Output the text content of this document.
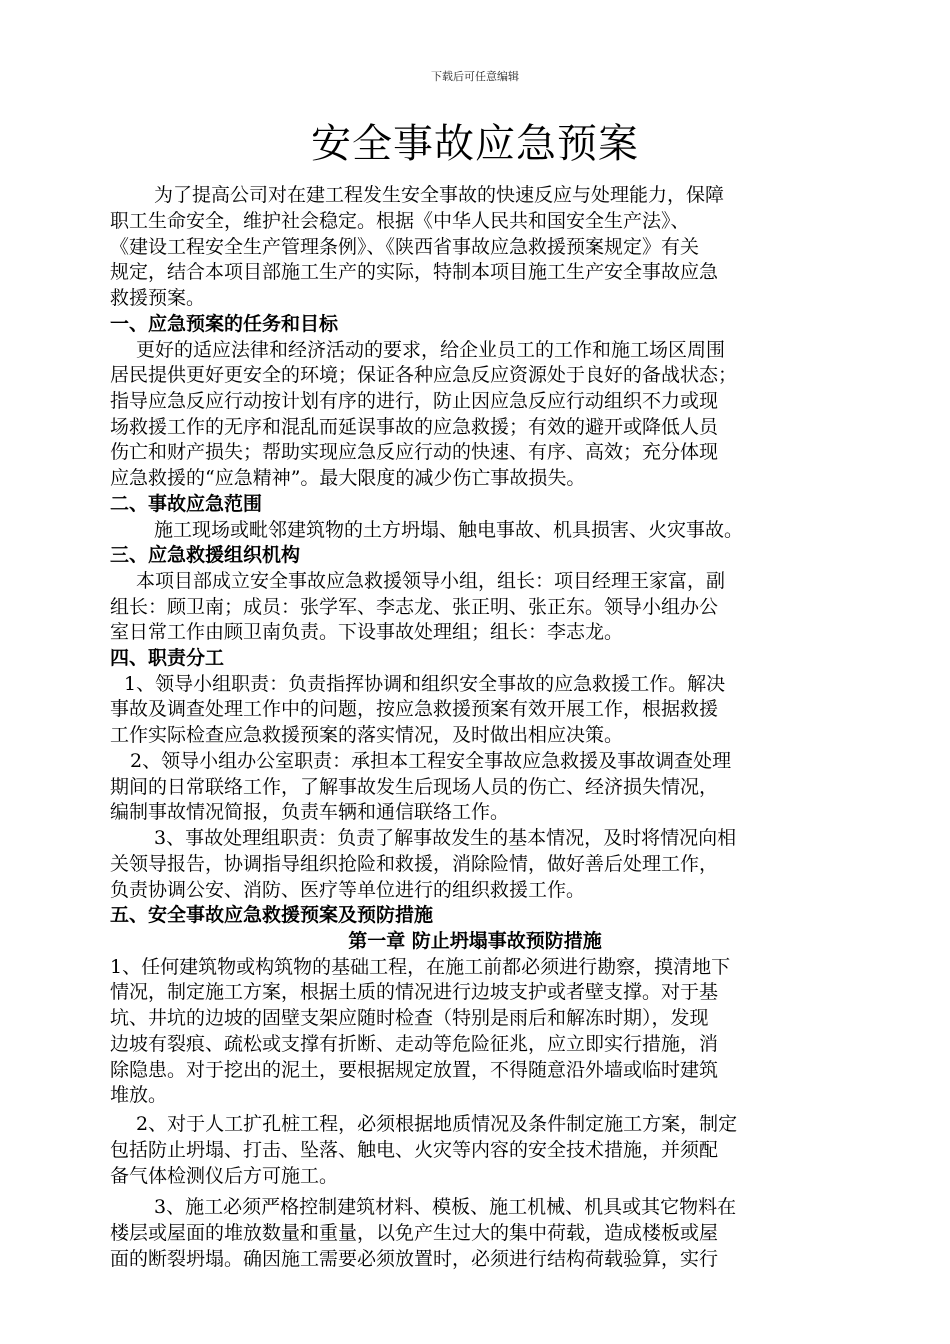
下载后可任意编辑
安全事故应急预案
为了提高公司对在建工程发生安全事故的快速反应与处理能力，保障
职工生命安全，维护社会稳定。根据《中华人民共和国安全生产法》、
《建设工程安全生产管理条例》、《陕西省事故应急救援预案规定》有关
规定，结合本项目部施工生产的实际，特制本项目施工生产安全事故应急
救援预案。
一、应急预案的任务和目标
更好的适应法律和经济活动的要求，给企业员工的工作和施工场区周围
居民提供更好更安全的环境；保证各种应急反应资源处于良好的备战状态；
指导应急反应行动按计划有序的进行，防止因应急反应行动组织不力或现
场救援工作的无序和混乱而延误事故的应急救援；有效的避开或降低人员
伤亡和财产损失；帮助实现应急反应行动的快速、有序、高效；充分体现
应急救援的“应急精神”。最大限度的减少伤亡事故损失。
二、事故应急范围
施工现场或毗邻建筑物的土方坍塌、触电事故、机具损害、火灾事故。
三、应急救援组织机构
本项目部成立安全事故应急救援领导小组，组长：项目经理王家富，副
组长：顾卫南；成员：张学军、李志龙、张正明、张正东。领导小组办公
室日常工作由顾卫南负责。下设事故处理组；组长：李志龙。
四、职责分工
1、领导小组职责：负责指挥协调和组织安全事故的应急救援工作。解决
事故及调查处理工作中的问题，按应急救援预案有效开展工作，根据救援
工作实际检查应急救援预案的落实情况，及时做出相应决策。
2、领导小组办公室职责：承担本工程安全事故应急救援及事故调查处理
期间的日常联络工作，了解事故发生后现场人员的伤亡、经济损失情况，
编制事故情况简报，负责车辆和通信联络工作。
3、事故处理组职责：负责了解事故发生的基本情况，及时将情况向相
关领导报告，协调指导组织抢险和救援，消除险情，做好善后处理工作，
负责协调公安、消防、医疗等单位进行的组织救援工作。
五、安全事故应急救援预案及预防措施
第一章 防止坍塌事故预防措施
1、任何建筑物或构筑物的基础工程，在施工前都必须进行勘察，摸清地下
情况，制定施工方案，根据土质的情况进行边坡支护或者壁支撑。对于基
坑、井坑的边坡的固壁支架应随时检查（特别是雨后和解冻时期），发现
边坡有裂痕、疏松或支撑有折断、走动等危险征兆，应立即实行措施，消
除隐患。对于挖出的泥土，要根据规定放置，不得随意沿外墙或临时建筑
堆放。
2、对于人工扩孔桩工程，必须根据地质情况及条件制定施工方案，制定
包括防止坍塌、打击、坠落、触电、火灾等内容的安全技术措施，并须配
备气体检测仪后方可施工。
3、施工必须严格控制建筑材料、模板、施工机械、机具或其它物料在
楼层或屋面的堆放数量和重量，以免产生过大的集中荷载，造成楼板或屋
面的断裂坍塌。确因施工需要必须放置时，必须进行结构荷载验算，实行
